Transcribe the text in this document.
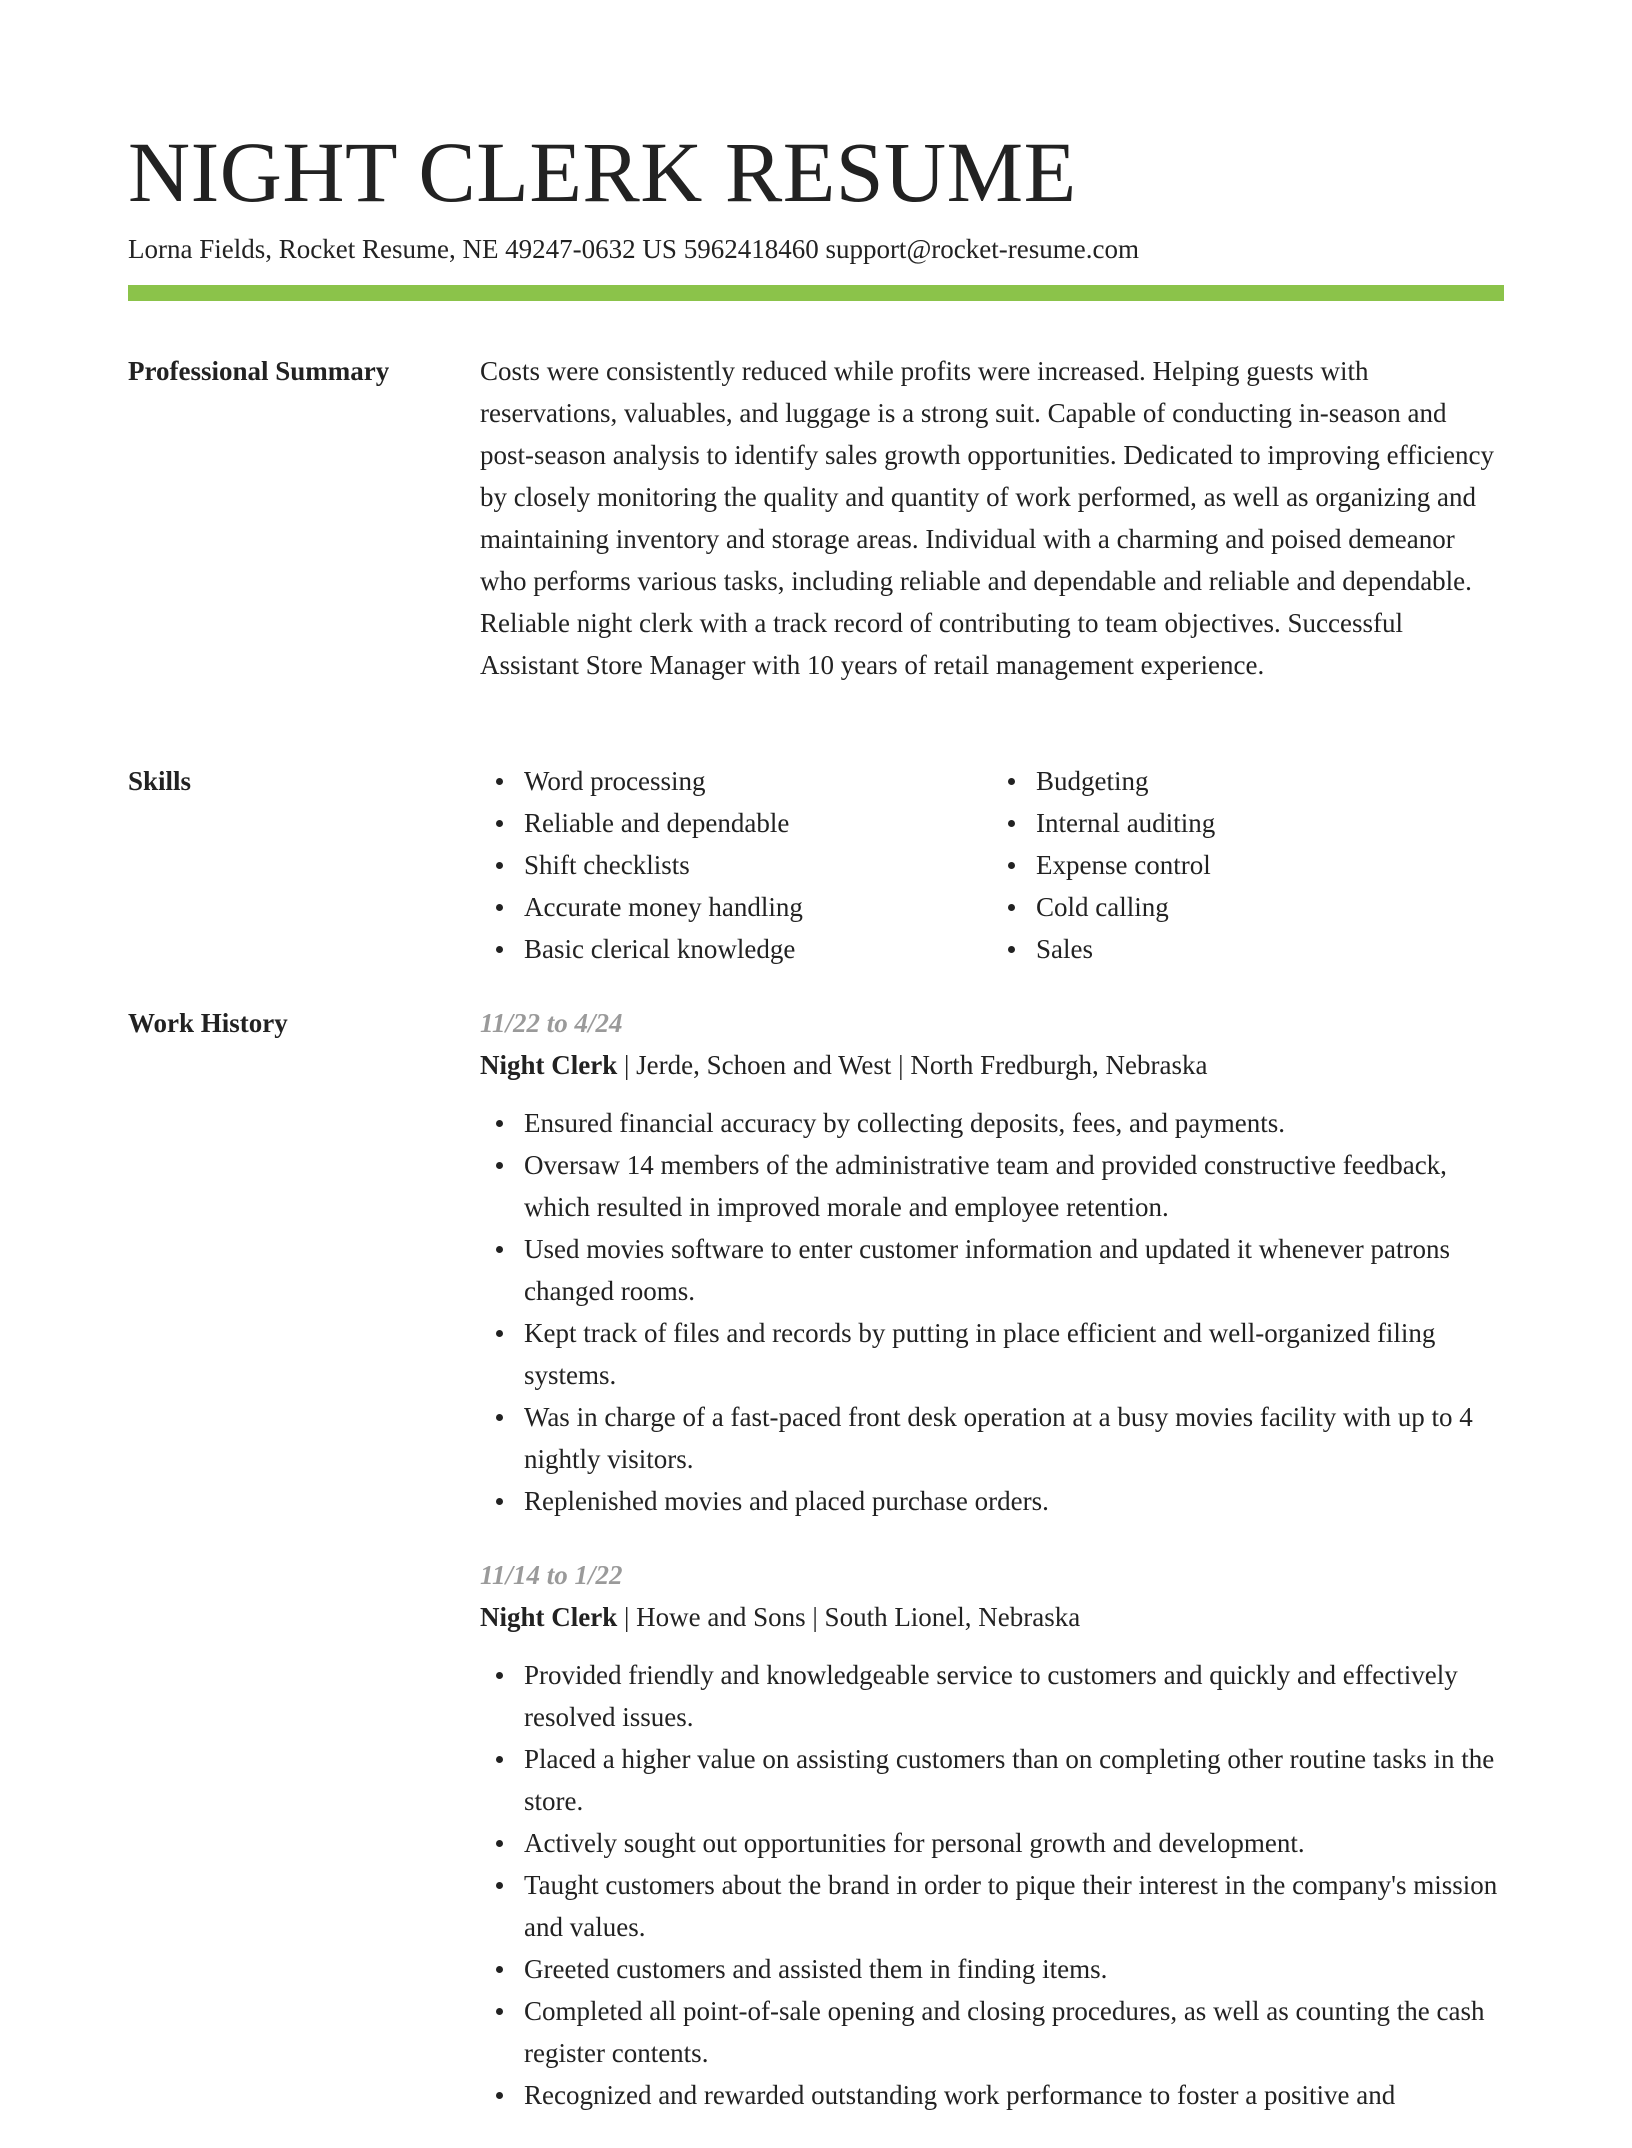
NIGHT CLERK RESUME
Lorna Fields, Rocket Resume, NE 49247-0632 US 5962418460 support@rocket-resume.com
Professional Summary	Costs were consistently reduced while profits were increased. Helping guests with reservations, valuables, and luggage is a strong suit. Capable of conducting in-season and post-season analysis to identify sales growth opportunities. Dedicated to improving efficiency by closely monitoring the quality and quantity of work performed, as well as organizing and maintaining inventory and storage areas. Individual with a charming and poised demeanor who performs various tasks, including reliable and dependable and reliable and dependable. Reliable night clerk with a track record of contributing to team objectives. Successful Assistant Store Manager with 10 years of retail management experience.

Skills	Word processing
Reliable and dependable
Shift checklists
Accurate money handling
Basic clerical knowledge
Budgeting
Internal auditing
Expense control
Cold calling
Sales
Work History	11/22 to 4/24
Night Clerk | Jerde, Schoen and West | North Fredburgh, Nebraska
Ensured financial accuracy by collecting deposits, fees, and payments.
Oversaw 14 members of the administrative team and provided constructive feedback, which resulted in improved morale and employee retention.
Used movies software to enter customer information and updated it whenever patrons changed rooms.
Kept track of files and records by putting in place efficient and well-organized filing systems.
Was in charge of a fast-paced front desk operation at a busy movies facility with up to 4 nightly visitors.
Replenished movies and placed purchase orders.
11/14 to 1/22
Night Clerk | Howe and Sons | South Lionel, Nebraska
Provided friendly and knowledgeable service to customers and quickly and effectively resolved issues.
Placed a higher value on assisting customers than on completing other routine tasks in the store.
Actively sought out opportunities for personal growth and development.
Taught customers about the brand in order to pique their interest in the company's mission and values.
Greeted customers and assisted them in finding items.
Completed all point-of-sale opening and closing procedures, as well as counting the cash register contents.
Recognized and rewarded outstanding work performance to foster a positive and
